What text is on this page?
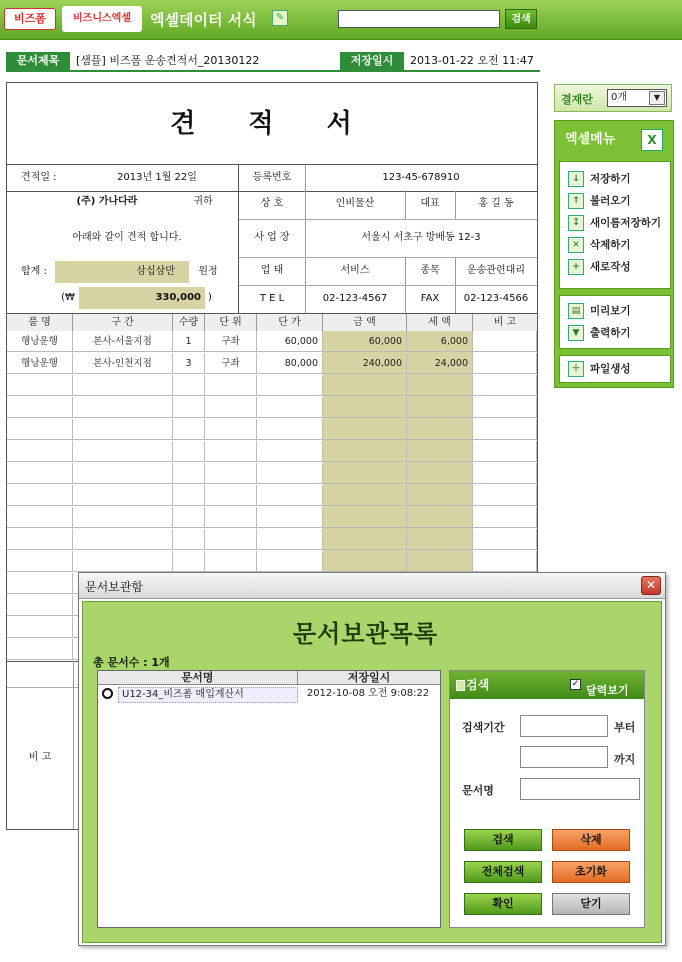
비즈폼	비즈니스엑셀	엑셀데이터 서식	✎	검색
문서제목	[샘플] 비즈폼 운송견적서_20130122	저장일시	2013-01-22 오전 11:47
견 적 서
견적일 :	2013년 1월 22일
(주) 가나다라	귀하
아래와 같이 견적 합니다.
합계 :	삼십삼만	원정
(₩	330,000 )
등록번호	123-45-678910
상 호	인비물산	대표	홍 길 동
사 업 장	서울시 서초구 방배동 12-3
업 태	서비스	종목	운송관련대리
T E L	02-123-4567	FAX	02-123-4566
품 명	구 간	수량	단 위	단 가	금 액	세 액	비 고
행낭운행	본사-서울지점	1	구좌	60,000	60,000	6,000
행낭운행	본사-인천지점	3	구좌	80,000	240,000	24,000
비 고
결재란	0개	▼
엑셀메뉴	X
↓ 저장하기
↑ 불러오기
↧ 새이름저장하기
✕ 삭제하기
+ 새로작성
▤ 미리보기
▼	출력하기
＋ 파일생성
문서보관함	✕
문서보관목록
총 문서수 : 1개
문서명	저장일시
U12-34_비즈폼 매입계산서	2012-10-08 오전 9:08:22
검색	✓ 달력보기
검색기간	부터
까지
문서명
검색	삭제
전체검색	초기화
확인	닫기
